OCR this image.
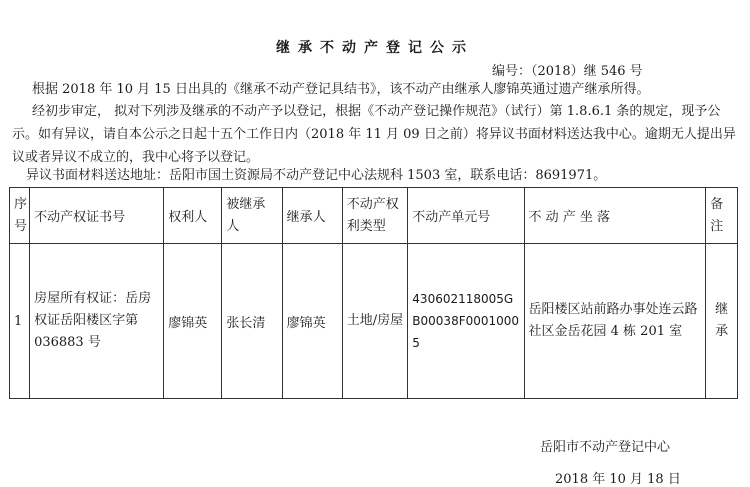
继承不动产登记公示
编号：（2018）继 546 号
根据 2018 年 10 月 15 日出具的《继承不动产登记具结书》，该不动产由继承人廖锦英通过遗产继承所得。
经初步审定， 拟对下列涉及继承的不动产予以登记，根据《不动产登记操作规范》（试行）第 1.8.6.1 条的规定，现予公示。如有异议，请自本公示之日起十五个工作日内（2018 年 11 月 09 日之前）将异议书面材料送达我中心。逾期无人提出异议或者异议不成立的，我中心将予以登记。
异议书面材料送达地址：岳阳市国土资源局不动产登记中心法规科 1503 室，联系电话：8691971。
序号	不动产权证书号	权利人	被继承人	继承人	不动产权利类型	不动产单元号	不 动 产 坐 落	备注
1	房屋所有权证：岳房权证岳阳楼区字第 036883 号	廖锦英	张长清	廖锦英	土地/房屋	430602118005GB00038F00010005	岳阳楼区站前路办事处连云路社区金岳花园 4 栋 201 室	继承
岳阳市不动产登记中心
2018 年 10 月 18 日
